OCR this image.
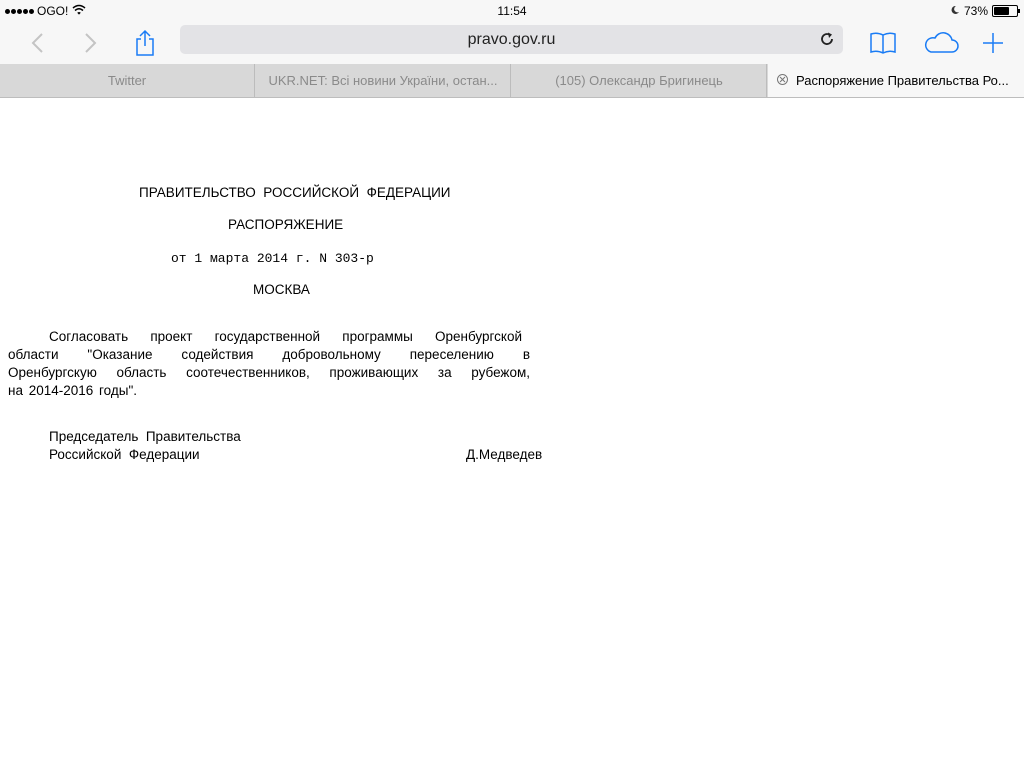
OGO!	11:54	73%
pravo.gov.ru
Twitter	UKR.NET: Всі новини України, остан...	(105) Олександр Бригинець	Распоряжение Правительства Ро...
ПРАВИТЕЛЬСТВО  РОССИЙСКОЙ  ФЕДЕРАЦИИ
РАСПОРЯЖЕНИЕ
от 1 марта 2014 г. N 303-р
МОСКВА
Согласовать проект государственной программы Оренбургской
области "Оказание содействия добровольному переселению в
Оренбургскую область соотечественников, проживающих за рубежом,
на 2014-2016 годы".
Председатель  Правительства
Российской  Федерации	Д.Медведев
